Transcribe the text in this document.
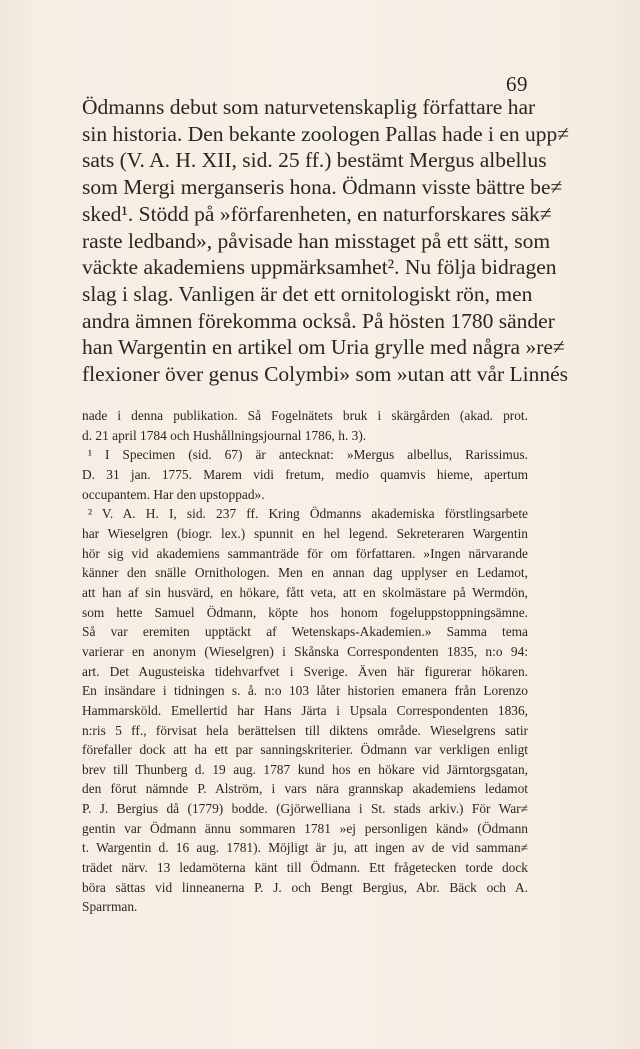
69
Ödmanns debut som naturvetenskaplig författare har
sin historia. Den bekante zoologen Pallas hade i en upp≠
sats (V. A. H. XII, sid. 25 ff.) bestämt Mergus albellus
som Mergi merganseris hona. Ödmann visste bättre be≠
sked¹. Stödd på »förfarenheten, en naturforskares säk≠
raste ledband», påvisade han misstaget på ett sätt, som
väckte akademiens uppmärksamhet². Nu följa bidragen
slag i slag. Vanligen är det ett ornitologiskt rön, men
andra ämnen förekomma också. På hösten 1780 sänder
han Wargentin en artikel om Uria grylle med några »re≠
flexioner över genus Colymbi» som »utan att vår Linnés
nade i denna publikation. Så Fogelnätets bruk i skärgården (akad. prot.
d. 21 april 1784 och Hushållningsjournal 1786, h. 3).
¹ I Specimen (sid. 67) är antecknat: »Mergus albellus, Rarissimus.
D. 31 jan. 1775. Marem vidi fretum, medio quamvis hieme, apertum
occupantem. Har den upstoppad».
² V. A. H. I, sid. 237 ff. Kring Ödmanns akademiska förstlingsarbete
har Wieselgren (biogr. lex.) spunnit en hel legend. Sekreteraren Wargentin
hör sig vid akademiens sammanträde för om författaren. »Ingen närvarande
känner den snälle Ornithologen. Men en annan dag upplyser en Ledamot,
att han af sin husvärd, en hökare, fått veta, att en skolmästare på Wermdön,
som hette Samuel Ödmann, köpte hos honom fogeluppstoppningsämne.
Så var eremiten upptäckt af Wetenskaps-Akademien.» Samma tema
varierar en anonym (Wieselgren) i Skånska Correspondenten 1835, n:o 94:
art. Det Augusteiska tidehvarfvet i Sverige. Även här figurerar hökaren.
En insändare i tidningen s. å. n:o 103 låter historien emanera från Lorenzo
Hammarsköld. Emellertid har Hans Järta i Upsala Correspondenten 1836,
n:ris 5 ff., förvisat hela berättelsen till diktens område. Wieselgrens satir
förefaller dock att ha ett par sanningskriterier. Ödmann var verkligen enligt
brev till Thunberg d. 19 aug. 1787 kund hos en hökare vid Järntorgsgatan,
den förut nämnde P. Alström, i vars nära grannskap akademiens ledamot
P. J. Bergius då (1779) bodde. (Gjörwelliana i St. stads arkiv.) För War≠
gentin var Ödmann ännu sommaren 1781 »ej personligen känd» (Ödmann
t. Wargentin d. 16 aug. 1781). Möjligt är ju, att ingen av de vid samman≠
trädet närv. 13 ledamöterna känt till Ödmann. Ett frågetecken torde dock
böra sättas vid linneanerna P. J. och Bengt Bergius, Abr. Bäck och A.
Sparrman.
